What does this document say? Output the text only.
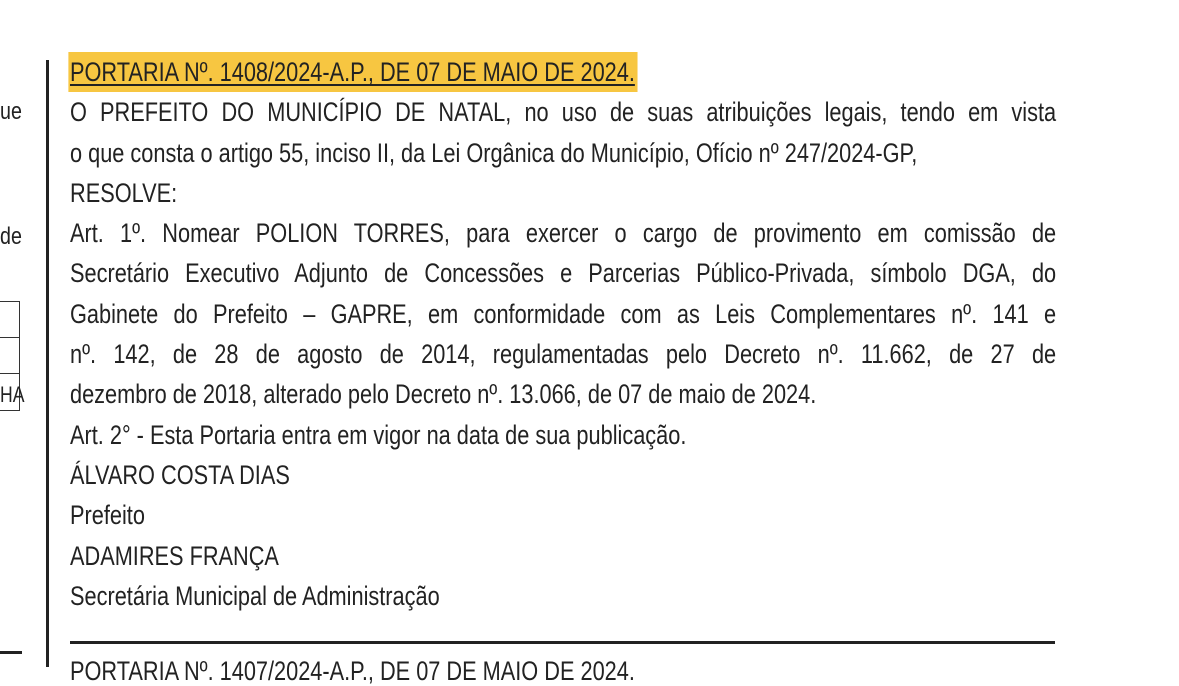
ue
de
HA
PORTARIA Nº. 1408/2024-A.P., DE 07 DE MAIO DE 2024.
O PREFEITO DO MUNICÍPIO DE NATAL, no uso de suas atribuições legais, tendo em vista
o que consta o artigo 55, inciso II, da Lei Orgânica do Município, Ofício nº 247/2024-GP,
RESOLVE:
Art. 1º. Nomear POLION TORRES, para exercer o cargo de provimento em comissão de
Secretário Executivo Adjunto de Concessões e Parcerias Público-Privada, símbolo DGA, do
Gabinete do Prefeito – GAPRE, em conformidade com as Leis Complementares nº. 141 e
nº. 142, de 28 de agosto de 2014, regulamentadas pelo Decreto nº. 11.662, de 27 de
dezembro de 2018, alterado pelo Decreto nº. 13.066, de 07 de maio de 2024.
Art. 2° - Esta Portaria entra em vigor na data de sua publicação.
ÁLVARO COSTA DIAS
Prefeito
ADAMIRES FRANÇA
Secretária Municipal de Administração
PORTARIA Nº. 1407/2024-A.P., DE 07 DE MAIO DE 2024.
